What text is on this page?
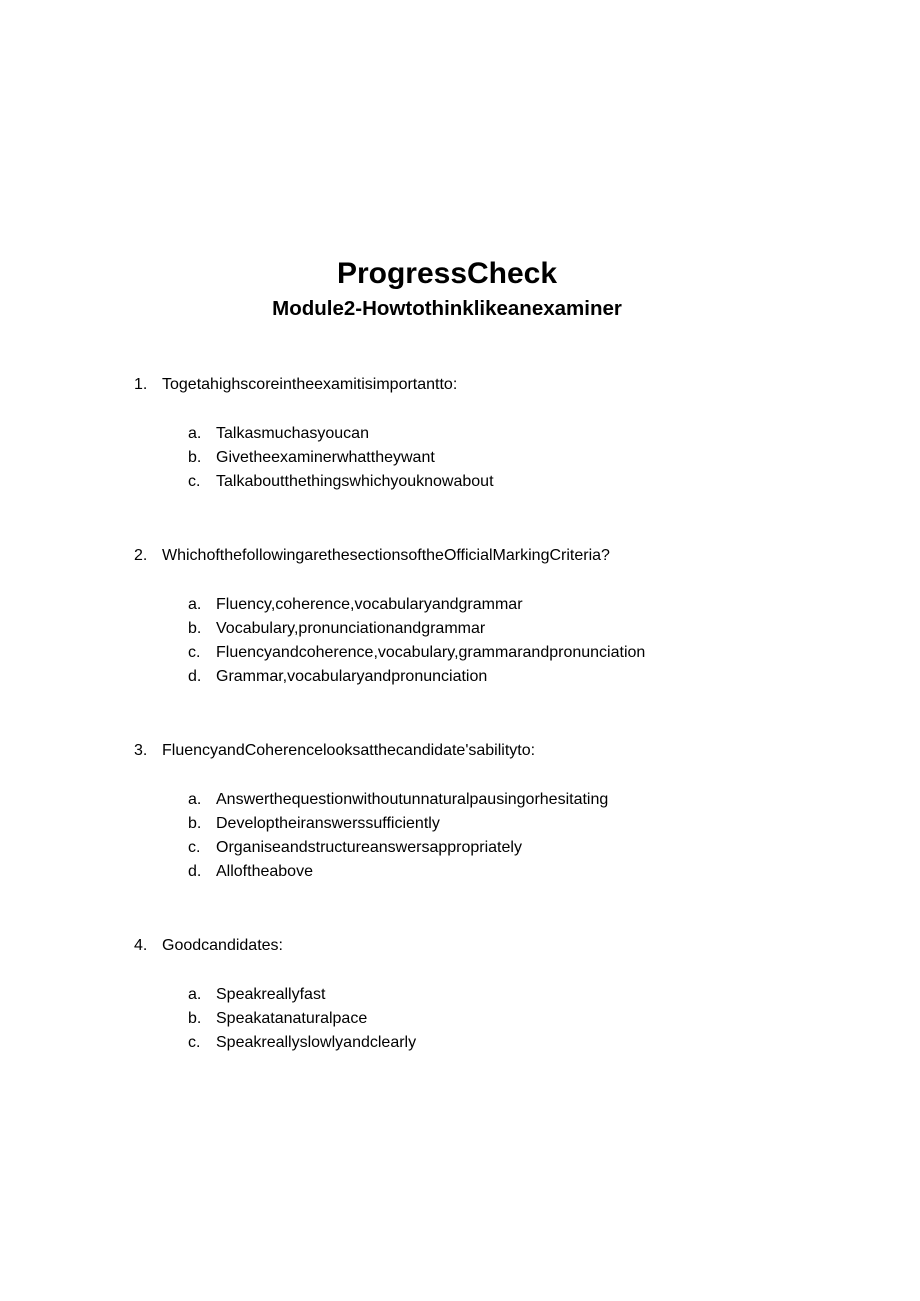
ProgressCheck
Module2-Howtothinklikeanexaminer
1. Togetahighscoreintheexamitisimportantto:
a. Talkasmuchasyoucan
b. Givetheexaminerwhattheywant
c. Talkaboutthethingswhichyouknowabout
2. WhichofthefollowingarethesectionsoftheOfficialMarkingCriteria?
a. Fluency,coherence,vocabularyandgrammar
b. Vocabulary,pronunciationandgrammar
c. Fluencyandcoherence,vocabulary,grammarandpronunciation
d. Grammar,vocabularyandpronunciation
3. FluencyandCoherencelooksatthecandidate'sabilityto:
a. Answerthequestionwithoutunnaturalpausingorhesitating
b. Developtheiranswerssufficiently
c. Organiseandstructureanswersappropriately
d. Alloftheabove
4. Goodcandidates:
a. Speakreallyfast
b. Speakatanaturalpace
c. Speakreallyslowlyandclearly
